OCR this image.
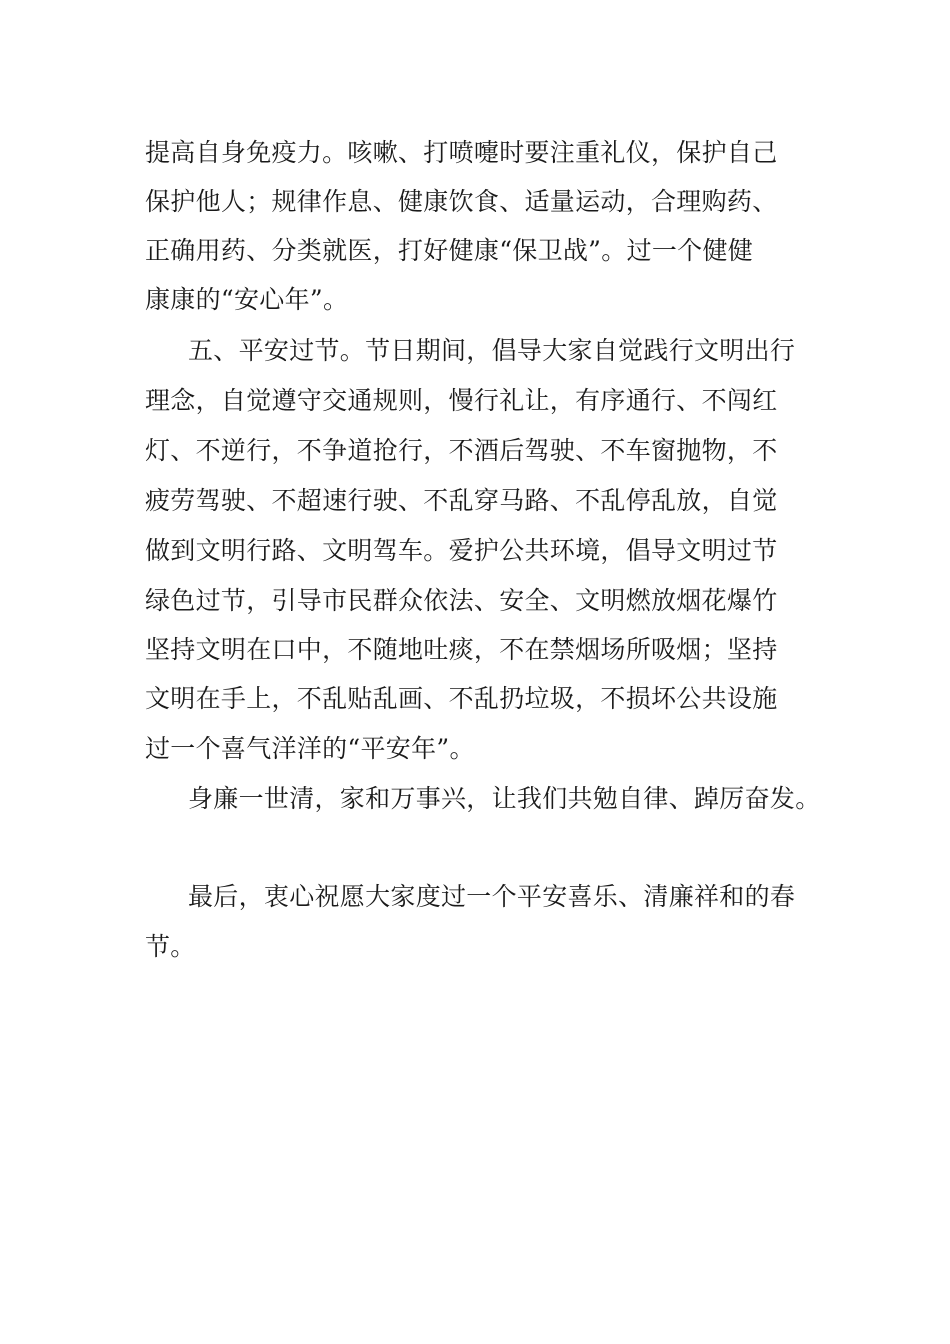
提高自身免疫力。咳嗽、打喷嚏时要注重礼仪，保护自己
保护他人；规律作息、健康饮食、适量运动，合理购药、
正确用药、分类就医，打好健康“保卫战”。过一个健健
康康的“安心年”。
五、平安过节。节日期间，倡导大家自觉践行文明出行
理念，自觉遵守交通规则，慢行礼让，有序通行、不闯红
灯、不逆行，不争道抢行，不酒后驾驶、不车窗抛物，不
疲劳驾驶、不超速行驶、不乱穿马路、不乱停乱放，自觉
做到文明行路、文明驾车。爱护公共环境，倡导文明过节
绿色过节，引导市民群众依法、安全、文明燃放烟花爆竹
坚持文明在口中，不随地吐痰，不在禁烟场所吸烟；坚持
文明在手上，不乱贴乱画、不乱扔垃圾，不损坏公共设施
过一个喜气洋洋的“平安年”。
身廉一世清，家和万事兴，让我们共勉自律、踔厉奋发。
最后，衷心祝愿大家度过一个平安喜乐、清廉祥和的春
节。
